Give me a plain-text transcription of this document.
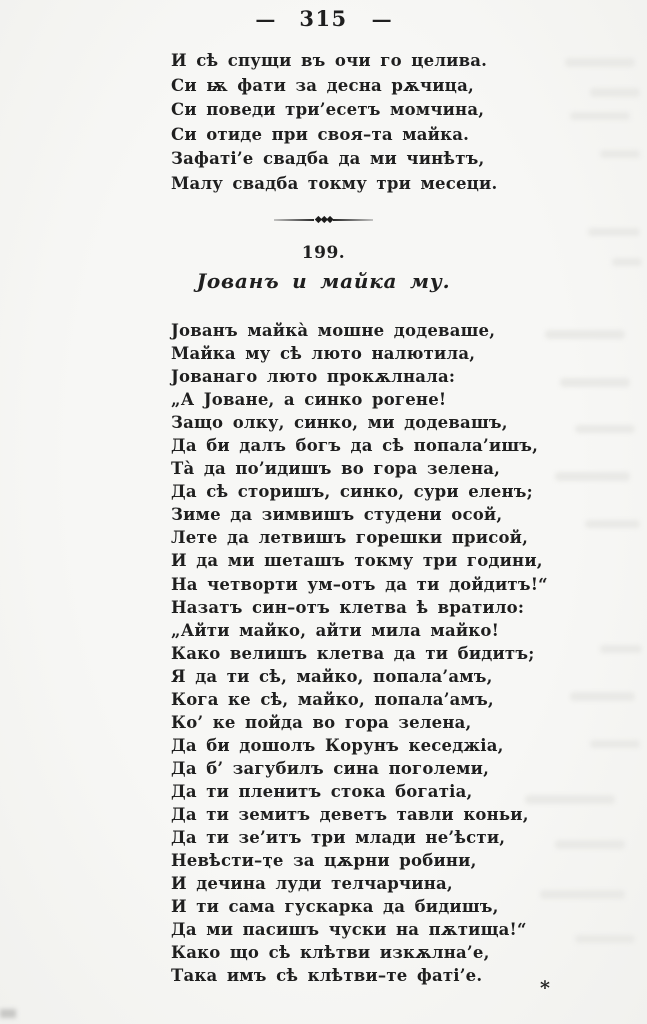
— 315 —
И сѣ спущи въ очи го целива.
Си ѭ фати за десна рѫчица,
Си поведи три’есетъ момчина,
Си отиде при своя–та майка.
Зафаті’е свадба да ми чинѣтъ,
Малу свадба токму три месеци.
◆◆◆
199.
Јованъ и майка му.
Јованъ майка̀ мошне додеваше,
Майка му сѣ люто налютила,
Јованаго люто прокѫлнала:
„А Јоване, а синко рогене!
Защо олку, синко, ми додевашъ,
Да би далъ богъ да сѣ попала’ишъ,
Та̀ да по’идишъ во гора зелена,
Да сѣ сторишъ, синко, сури еленъ;
Зиме да зимвишъ студени осой,
Лете да летвишъ горешки присой,
И да ми шеташъ токму три години,
На четворти ум–отъ да ти дойдитъ!“
Назатъ син–отъ клетва ѣ вратило:
„Айти майко, айти мила майко!
Како велишъ клетва да ти бидитъ;
Я да ти сѣ, майко, попала’амъ,
Кога ке сѣ, майко, попала’амъ,
Ко’ ке пойда во гора зелена,
Да би дошолъ Корунъ кеседжіа,
Да б’ загубилъ сина поголеми,
Да ти пленитъ стока богатіа,
Да ти земитъ деветъ тавли коньи,
Да ти зе’итъ три млади не’ѣсти,
Невѣсти–ҭе за цѫрни робини,
И дечина луди телчарчина,
И ти сама гускарка да бидишъ,
Да ми пасишъ чуски на пѫтища!“
Како що сѣ клѣтви изкѫлна’е,
Така имъ сѣ клѣтви–те фаті’е.
*
